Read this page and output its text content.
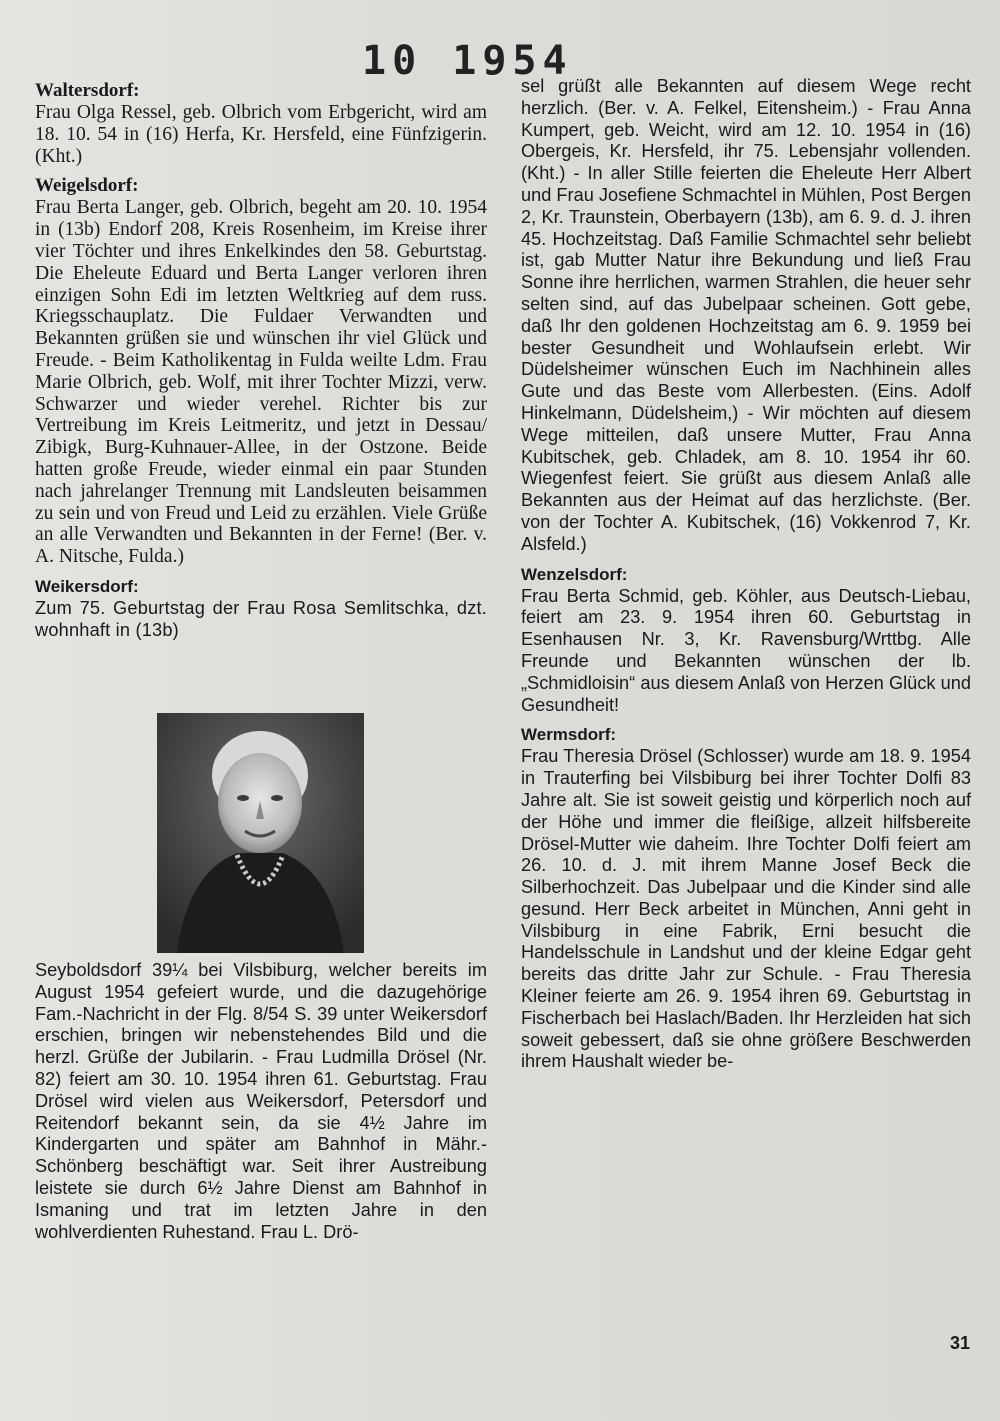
10 1954
Waltersdorf:

Frau Olga Ressel, geb. Olbrich vom Erbgericht, wird am 18. 10. 54 in (16) Herfa, Kr. Hersfeld, eine Fünfzigerin. (Kht.)

Weigelsdorf:

Frau Berta Langer, geb. Olbrich, begeht am 20. 10. 1954 in (13b) Endorf 208, Kreis Rosenheim, im Kreise ihrer vier Töchter und ihres Enkelkindes den 58. Geburtstag. Die Eheleute Eduard und Berta Langer verloren ihren einzigen Sohn Edi im letzten Weltkrieg auf dem russ. Kriegsschauplatz. Die Fuldaer Verwandten und Bekannten grüßen sie und wünschen ihr viel Glück und Freude. - Beim Katholikentag in Fulda weilte Ldm. Frau Marie Olbrich, geb. Wolf, mit ihrer Tochter Mizzi, verw. Schwarzer und wieder verehel. Richter bis zur Vertreibung im Kreis Leitmeritz, und jetzt in Dessau/ Zibigk, Burg-Kuhnauer-Allee, in der Ostzone. Beide hatten große Freude, wieder einmal ein paar Stunden nach jahrelanger Trennung mit Landsleuten beisammen zu sein und von Freud und Leid zu erzählen. Viele Grüße an alle Verwandten und Bekannten in der Ferne! (Ber. v. A. Nitsche, Fulda.)

Weikersdorf:

Zum 75. Geburtstag der Frau Rosa Semlitschka, dzt. wohnhaft in (13b)

Seyboldsdorf 39¼ bei Vilsbiburg, welcher bereits im August 1954 gefeiert wurde, und die dazugehörige Fam.-Nachricht in der Flg. 8/54 S. 39 unter Weikersdorf erschien, bringen wir nebenstehendes Bild und die herzl. Grüße der Jubilarin. - Frau Ludmilla Drösel (Nr. 82) feiert am 30. 10. 1954 ihren 61. Geburtstag. Frau Drösel wird vielen aus Weikersdorf, Petersdorf und Reitendorf bekannt sein, da sie 4½ Jahre im Kindergarten und später am Bahnhof in Mähr.-Schönberg beschäftigt war. Seit ihrer Austreibung leistete sie durch 6½ Jahre Dienst am Bahnhof in Ismaning und trat im letzten Jahre in den wohlverdienten Ruhestand. Frau L. Drö-

sel grüßt alle Bekannten auf diesem Wege recht herzlich. (Ber. v. A. Felkel, Eitensheim.) - Frau Anna Kumpert, geb. Weicht, wird am 12. 10. 1954 in (16) Obergeis, Kr. Hersfeld, ihr 75. Lebensjahr vollenden. (Kht.) - In aller Stille feierten die Eheleute Herr Albert und Frau Josefiene Schmachtel in Mühlen, Post Bergen 2, Kr. Traunstein, Oberbayern (13b), am 6. 9. d. J. ihren 45. Hochzeitstag. Daß Familie Schmachtel sehr beliebt ist, gab Mutter Natur ihre Bekundung und ließ Frau Sonne ihre herrlichen, warmen Strahlen, die heuer sehr selten sind, auf das Jubelpaar scheinen. Gott gebe, daß Ihr den goldenen Hochzeitstag am 6. 9. 1959 bei bester Gesundheit und Wohlaufsein erlebt. Wir Düdelsheimer wünschen Euch im Nachhinein alles Gute und das Beste vom Allerbesten. (Eins. Adolf Hinkelmann, Düdelsheim,) - Wir möchten auf diesem Wege mitteilen, daß unsere Mutter, Frau Anna Kubitschek, geb. Chladek, am 8. 10. 1954 ihr 60. Wiegenfest feiert. Sie grüßt aus diesem Anlaß alle Bekannten aus der Heimat auf das herzlichste. (Ber. von der Tochter A. Kubitschek, (16) Vokkenrod 7, Kr. Alsfeld.)

Wenzelsdorf:

Frau Berta Schmid, geb. Köhler, aus Deutsch-Liebau, feiert am 23. 9. 1954 ihren 60. Geburtstag in Esenhausen Nr. 3, Kr. Ravensburg/Wrttbg. Alle Freunde und Bekannten wünschen der lb. „Schmidloisin“ aus diesem Anlaß von Herzen Glück und Gesundheit!

Wermsdorf:

Frau Theresia Drösel (Schlosser) wurde am 18. 9. 1954 in Trauterfing bei Vilsbiburg bei ihrer Tochter Dolfi 83 Jahre alt. Sie ist soweit geistig und körperlich noch auf der Höhe und immer die fleißige, allzeit hilfsbereite Drösel-Mutter wie daheim. Ihre Tochter Dolfi feiert am 26. 10. d. J. mit ihrem Manne Josef Beck die Silberhochzeit. Das Jubelpaar und die Kinder sind alle gesund. Herr Beck arbeitet in München, Anni geht in Vilsbiburg in eine Fabrik, Erni besucht die Handelsschule in Landshut und der kleine Edgar geht bereits das dritte Jahr zur Schule. - Frau Theresia Kleiner feierte am 26. 9. 1954 ihren 69. Geburtstag in Fischerbach bei Haslach/Baden. Ihr Herzleiden hat sich soweit gebessert, daß sie ohne größere Beschwerden ihrem Haushalt wieder be-

31
